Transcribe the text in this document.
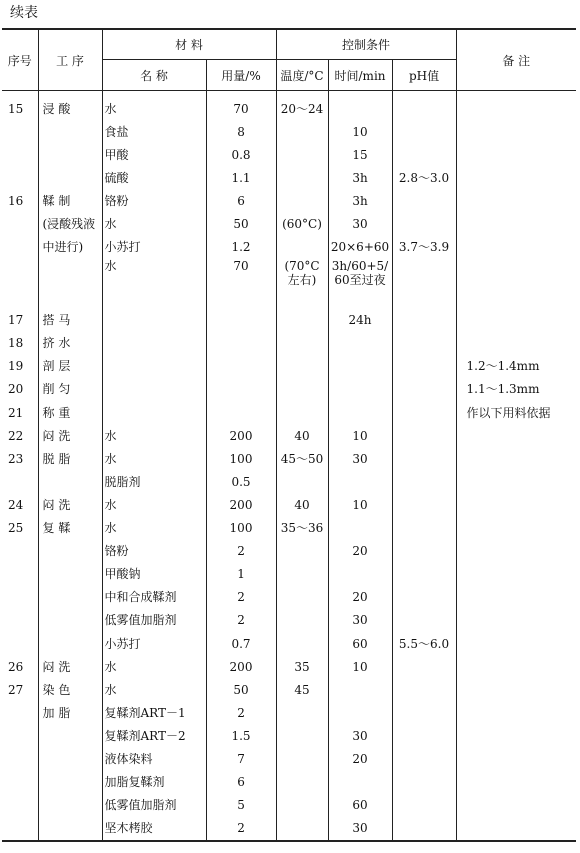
续表
序号	工 序	材 料		控制条件			备 注
		名 称	用量/%	温度/°C	时间/min	pH值	
15	浸 酸	水	70	20～24			
		食盐	8		10		
		甲酸	0.8		15		
		硫酸	1.1		3h	2.8～3.0	
16	鞣 制	铬粉	6		3h		
	(浸酸残液	水	50	(60°C)	30		
	中进行)	小苏打	1.2		20×6+60	3.7～3.9	
		水	70	(70°C左右)	3h/60+5/60至过夜		
17	搭 马				24h		
18	挤 水						
19	剖 层						1.2～1.4mm
20	削 匀						1.1～1.3mm
21	称 重						作以下用料依据
22	闷 洗	水	200	40	10		
23	脱 脂	水	100	45～50	30		
		脱脂剂	0.5				
24	闷 洗	水	200	40	10		
25	复 鞣	水	100	35～36			
		铬粉	2		20		
		甲酸钠	1				
		中和合成鞣剂	2		20		
		低雾值加脂剂	2		30		
		小苏打	0.7		60	5.5～6.0	
26	闷 洗	水	200	35	10		
27	染 色	水	50	45			
	加 脂	复鞣剂ART－1	2				
		复鞣剂ART－2	1.5		30		
		液体染料	7		20		
		加脂复鞣剂	6				
		低雾值加脂剂	5		60		
		坚木栲胶	2		30		
